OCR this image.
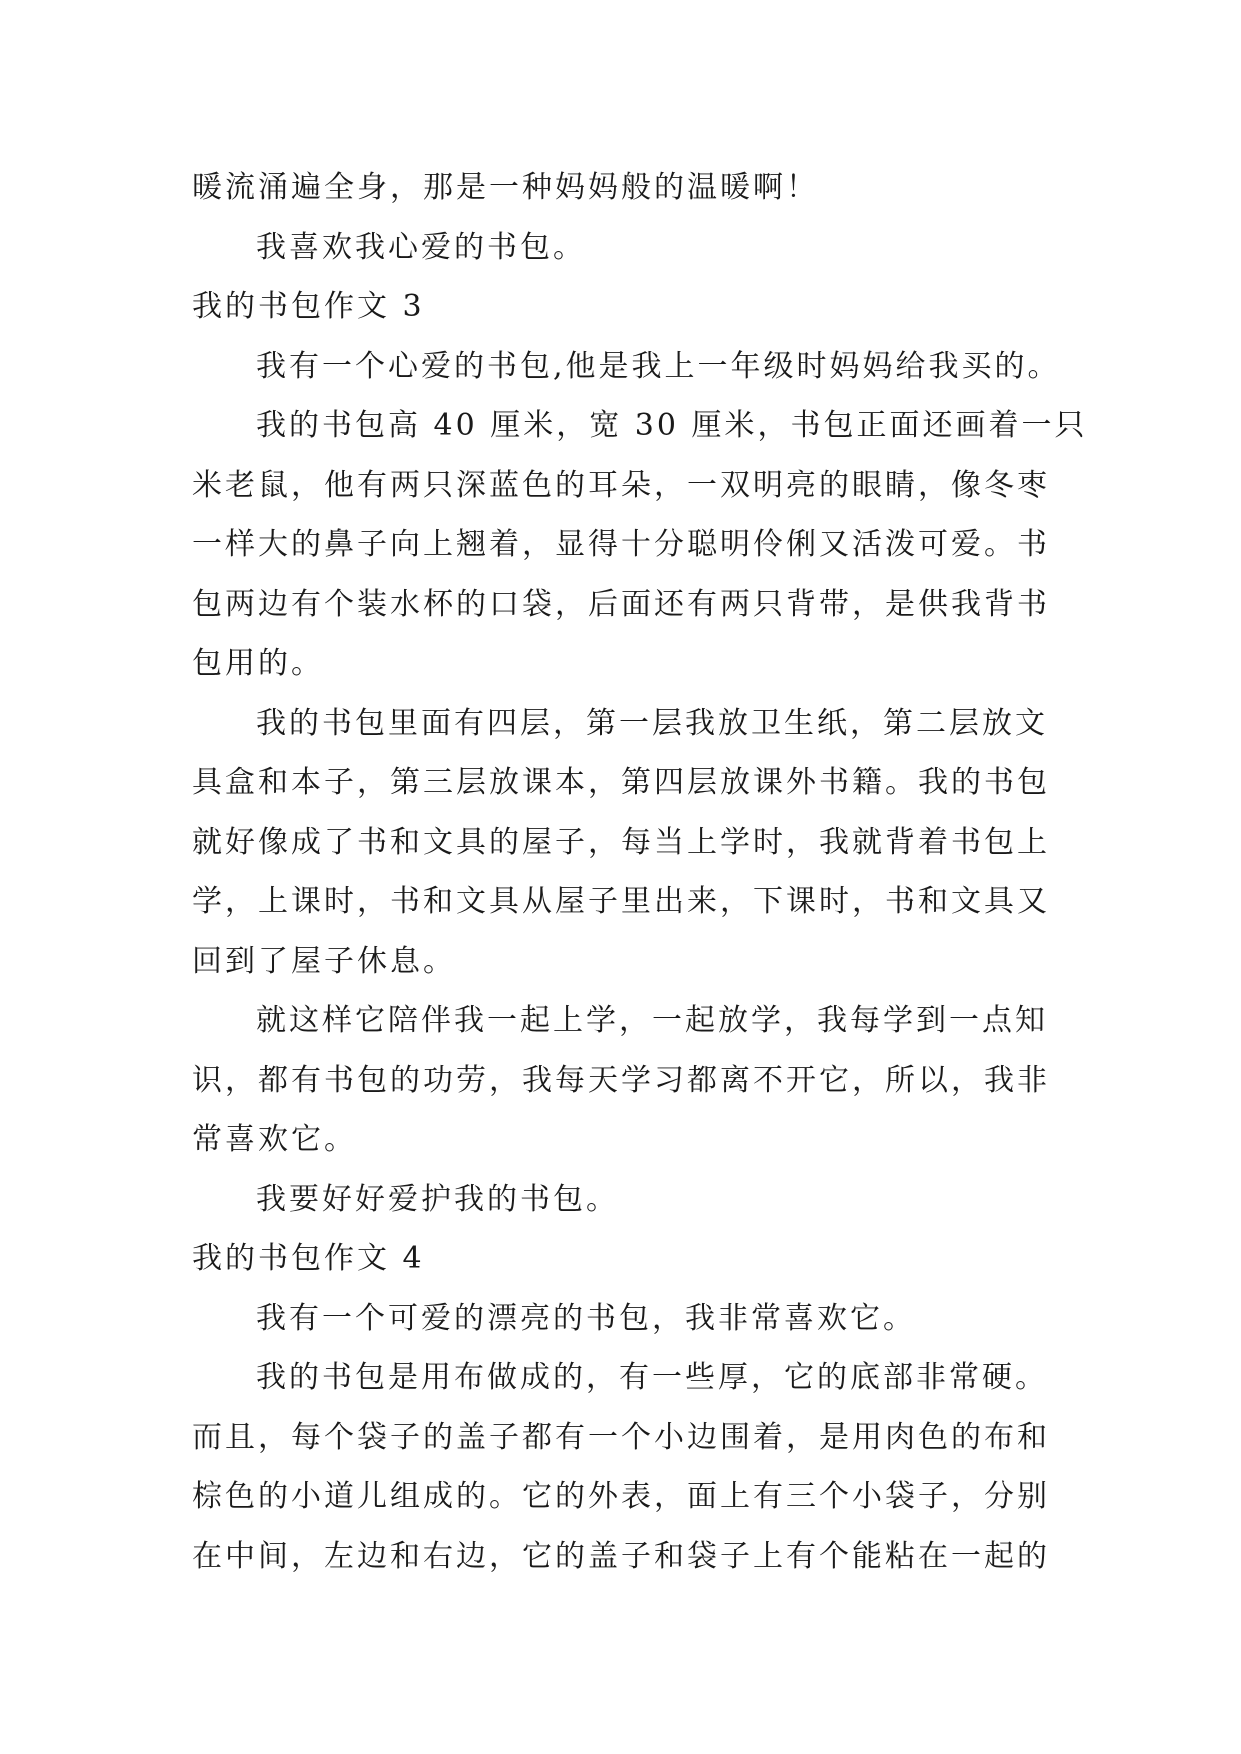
暖流涌遍全身，那是一种妈妈般的温暖啊！
我喜欢我心爱的书包。
我的书包作文 3
我有一个心爱的书包,他是我上一年级时妈妈给我买的。
我的书包高 40 厘米，宽 30 厘米，书包正面还画着一只
米老鼠，他有两只深蓝色的耳朵，一双明亮的眼睛，像冬枣
一样大的鼻子向上翘着，显得十分聪明伶俐又活泼可爱。书
包两边有个装水杯的口袋，后面还有两只背带，是供我背书
包用的。
我的书包里面有四层，第一层我放卫生纸，第二层放文
具盒和本子，第三层放课本，第四层放课外书籍。我的书包
就好像成了书和文具的屋子，每当上学时，我就背着书包上
学，上课时，书和文具从屋子里出来，下课时，书和文具又
回到了屋子休息。
就这样它陪伴我一起上学，一起放学，我每学到一点知
识，都有书包的功劳，我每天学习都离不开它，所以，我非
常喜欢它。
我要好好爱护我的书包。
我的书包作文 4
我有一个可爱的漂亮的书包，我非常喜欢它。
我的书包是用布做成的，有一些厚，它的底部非常硬。
而且，每个袋子的盖子都有一个小边围着，是用肉色的布和
棕色的小道儿组成的。它的外表，面上有三个小袋子，分别
在中间，左边和右边，它的盖子和袋子上有个能粘在一起的
